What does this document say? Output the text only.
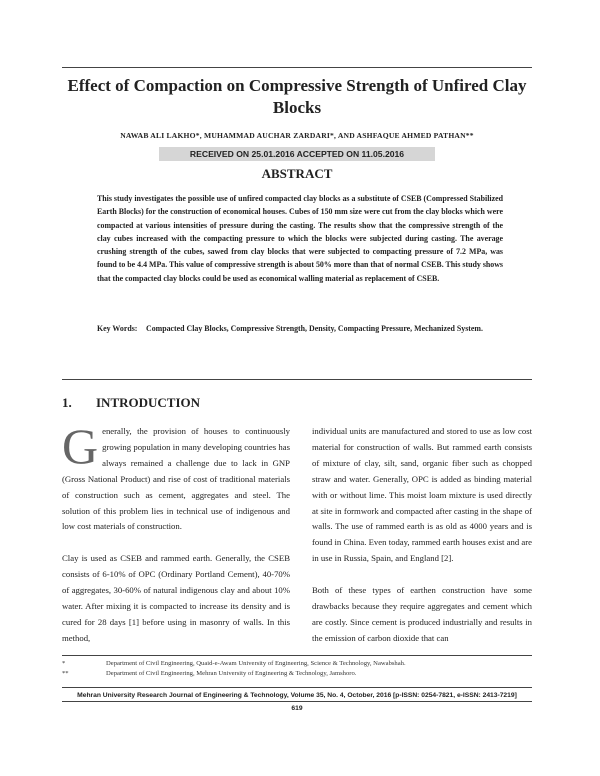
Effect of Compaction on Compressive Strength of Unfired Clay Blocks
NAWAB ALI LAKHO*, MUHAMMAD AUCHAR ZARDARI*, AND ASHFAQUE AHMED PATHAN**
RECEIVED ON 25.01.2016 ACCEPTED ON 11.05.2016
ABSTRACT
This study investigates the possible use of unfired compacted clay blocks as a substitute of CSEB (Compressed Stabilized Earth Blocks) for the construction of economical houses. Cubes of 150 mm size were cut from the clay blocks which were compacted at various intensities of pressure during the casting. The results show that the compressive strength of the clay cubes increased with the compacting pressure to which the blocks were subjected during casting. The average crushing strength of the cubes, sawed from clay blocks that were subjected to compacting pressure of 7.2 MPa, was found to be 4.4 MPa. This value of compressive strength is about 50% more than that of normal CSEB. This study shows that the compacted clay blocks could be used as economical walling material as replacement of CSEB.
Key Words: Compacted Clay Blocks, Compressive Strength, Density, Compacting Pressure, Mechanized System.
1. INTRODUCTION

Generally, the provision of houses to continuously growing population in many developing countries has always remained a challenge due to lack in GNP (Gross National Product) and rise of cost of traditional materials of construction such as cement, aggregates and steel. The solution of this problem lies in technical use of indigenous and low cost materials of construction.

Clay is used as CSEB and rammed earth. Generally, the CSEB consists of 6-10% of OPC (Ordinary Portland Cement), 40-70% of aggregates, 30-60% of natural indigenous clay and about 10% water. After mixing it is compacted to increase its density and is cured for 28 days [1] before using in masonry of walls. In this method,

individual units are manufactured and stored to use as low cost material for construction of walls. But rammed earth consists of mixture of clay, silt, sand, organic fiber such as chopped straw and water. Generally, OPC is added as binding material with or without lime. This moist loam mixture is used directly at site in formwork and compacted after casting in the shape of walls. The use of rammed earth is as old as 4000 years and is found in China. Even today, rammed earth houses exist and are in use in Russia, Spain, and England [2].

Both of these types of earthen construction have some drawbacks because they require aggregates and cement which are costly. Since cement is produced industrially and results in the emission of carbon dioxide that can

*	Department of Civil Engineering, Quaid-e-Awam University of Engineering, Science & Technology, Nawabshah.
**	Department of Civil Engineering, Mehran University of Engineering & Technology, Jamshoro.
Mehran University Research Journal of Engineering & Technology, Volume 35, No. 4, October, 2016 [p-ISSN: 0254-7821, e-ISSN: 2413-7219]
619
